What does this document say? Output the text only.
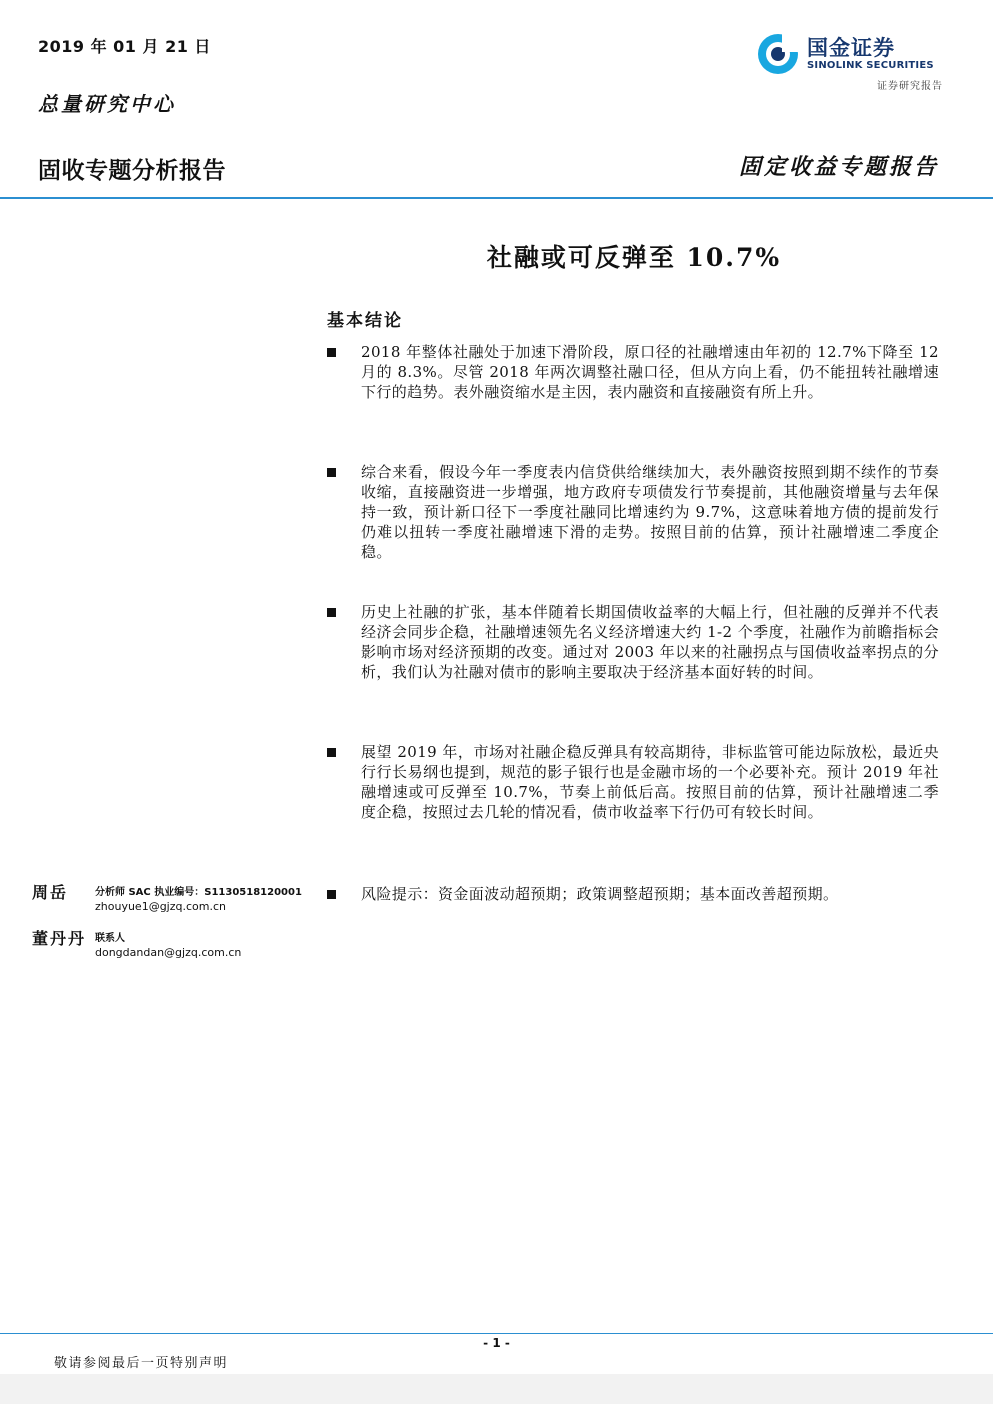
2019 年 01 月 21 日
总量研究中心
国金证券
SINOLINK SECURITIES
证券研究报告
固收专题分析报告	固定收益专题报告
社融或可反弹至 10.7%
基本结论
2018 年整体社融处于加速下滑阶段，原口径的社融增速由年初的 12.7%下降至 12 月的 8.3%。尽管 2018 年两次调整社融口径，但从方向上看，仍不能扭转社融增速下行的趋势。表外融资缩水是主因，表内融资和直接融资有所上升。
综合来看，假设今年一季度表内信贷供给继续加大，表外融资按照到期不续作的节奏收缩，直接融资进一步增强，地方政府专项债发行节奏提前，其他融资增量与去年保持一致，预计新口径下一季度社融同比增速约为 9.7%，这意味着地方债的提前发行仍难以扭转一季度社融增速下滑的走势。按照目前的估算，预计社融增速二季度企稳。
历史上社融的扩张，基本伴随着长期国债收益率的大幅上行，但社融的反弹并不代表经济会同步企稳，社融增速领先名义经济增速大约 1-2 个季度，社融作为前瞻指标会影响市场对经济预期的改变。通过对 2003 年以来的社融拐点与国债收益率拐点的分析，我们认为社融对债市的影响主要取决于经济基本面好转的时间。
展望 2019 年，市场对社融企稳反弹具有较高期待，非标监管可能边际放松，最近央行行长易纲也提到，规范的影子银行也是金融市场的一个必要补充。预计 2019 年社融增速或可反弹至 10.7%，节奏上前低后高。按照目前的估算，预计社融增速二季度企稳，按照过去几轮的情况看，债市收益率下行仍可有较长时间。
风险提示：资金面波动超预期；政策调整超预期；基本面改善超预期。
周岳	分析师 SAC 执业编号：S1130518120001
zhouyue1@gjzq.com.cn
董丹丹 联系人
dongdandan@gjzq.com.cn
- 1 -
敬请参阅最后一页特别声明
